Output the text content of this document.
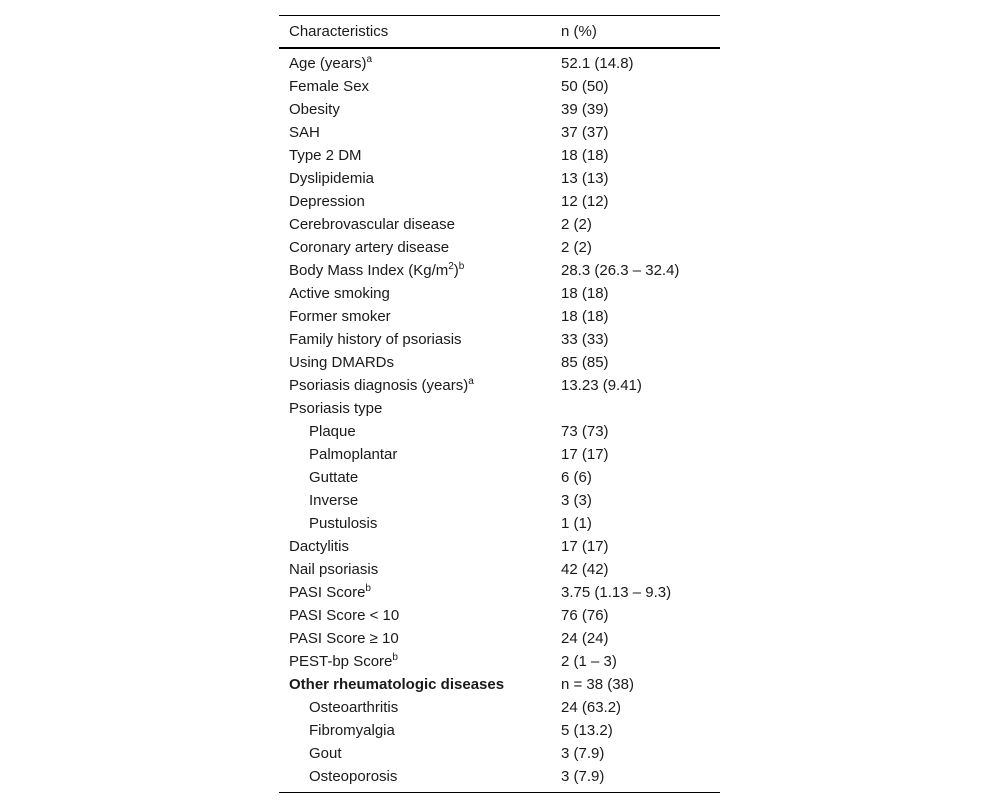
Characteristics	n (%)
Age (years)$^a$	52.1 (14.8)
Female Sex	50 (50)
Obesity	39 (39)
SAH	37 (37)
Type 2 DM	18 (18)
Dyslipidemia	13 (13)
Depression	12 (12)
Cerebrovascular disease	2 (2)
Coronary artery disease	2 (2)
Body Mass Index $(Kg/m^2)^b$	28.3 (26.3 – 32.4)
Active smoking	18 (18)
Former smoker	18 (18)
Family history of psoriasis	33 (33)
Using DMARDs	85 (85)
Psoriasis diagnosis (years)$^a$	13.23 (9.41)
Psoriasis type	
Plaque	73 (73)
Palmoplantar	17 (17)
Guttate	6 (6)
Inverse	3 (3)
Pustulosis	1 (1)
Dactylitis	17 (17)
Nail psoriasis	42 (42)
PASI Score$^b$	3.75 (1.13 – 9.3)
PASI Score < 10	76 (76)
PASI Score ≥ 10	24 (24)
PEST-bp Score$^b$	2 (1 – 3)
Other rheumatologic diseases	n = 38 (38)
Osteoarthritis	24 (63.2)
Fibromyalgia	5 (13.2)
Gout	3 (7.9)
Osteoporosis	3 (7.9)
